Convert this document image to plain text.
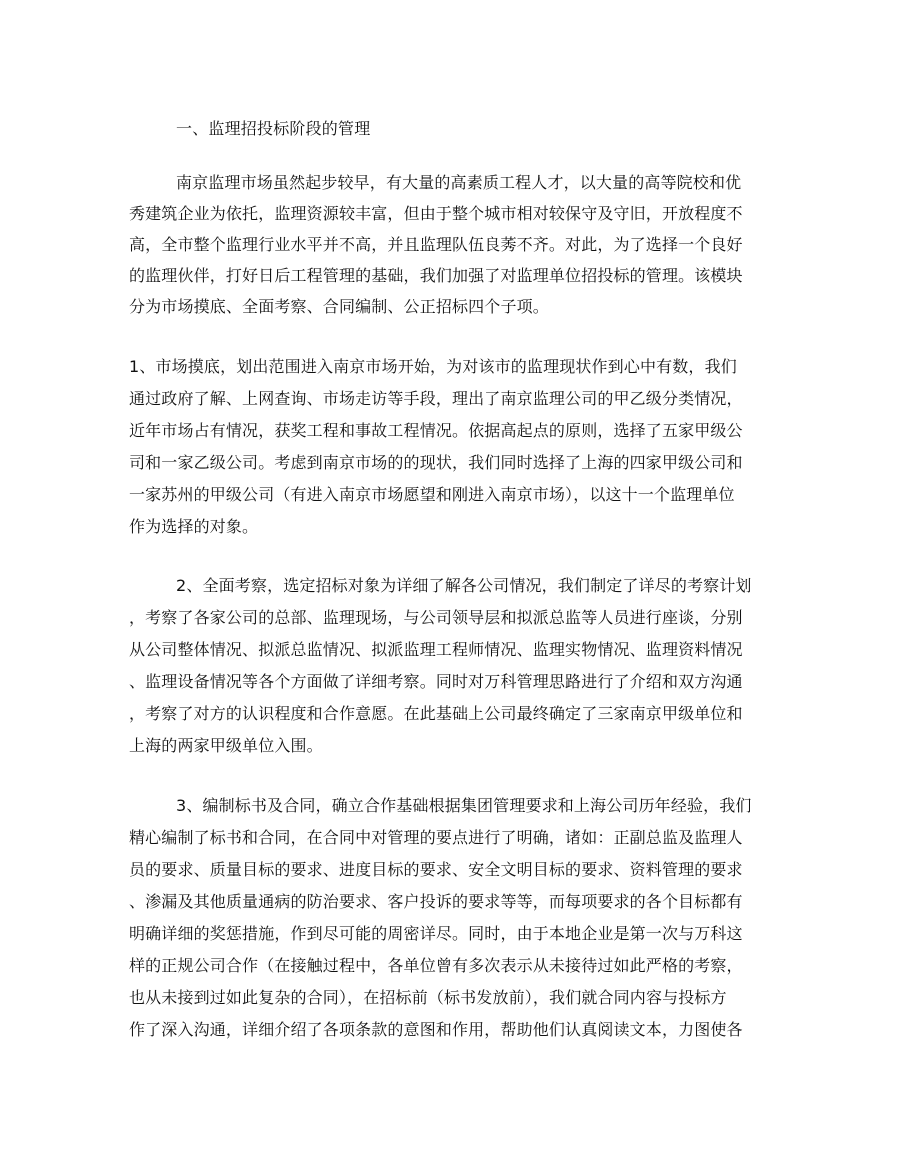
一、监理招投标阶段的管理
南京监理市场虽然起步较早，有大量的高素质工程人才，以大量的高等院校和优
秀建筑企业为依托，监理资源较丰富，但由于整个城市相对较保守及守旧，开放程度不
高，全市整个监理行业水平并不高，并且监理队伍良莠不齐。对此，为了选择一个良好
的监理伙伴，打好日后工程管理的基础，我们加强了对监理单位招投标的管理。该模块
分为市场摸底、全面考察、合同编制、公正招标四个子项。
1、市场摸底，划出范围进入南京市场开始，为对该市的监理现状作到心中有数，我们
通过政府了解、上网查询、市场走访等手段，理出了南京监理公司的甲乙级分类情况，
近年市场占有情况，获奖工程和事故工程情况。依据高起点的原则，选择了五家甲级公
司和一家乙级公司。考虑到南京市场的的现状，我们同时选择了上海的四家甲级公司和
一家苏州的甲级公司（有进入南京市场愿望和刚进入南京市场），以这十一个监理单位
作为选择的对象。
2、全面考察，选定招标对象为详细了解各公司情况，我们制定了详尽的考察计划
，考察了各家公司的总部、监理现场，与公司领导层和拟派总监等人员进行座谈，分别
从公司整体情况、拟派总监情况、拟派监理工程师情况、监理实物情况、监理资料情况
、监理设备情况等各个方面做了详细考察。同时对万科管理思路进行了介绍和双方沟通
，考察了对方的认识程度和合作意愿。在此基础上公司最终确定了三家南京甲级单位和
上海的两家甲级单位入围。
3、编制标书及合同，确立合作基础根据集团管理要求和上海公司历年经验，我们
精心编制了标书和合同，在合同中对管理的要点进行了明确，诸如：正副总监及监理人
员的要求、质量目标的要求、进度目标的要求、安全文明目标的要求、资料管理的要求
、渗漏及其他质量通病的防治要求、客户投诉的要求等等，而每项要求的各个目标都有
明确详细的奖惩措施，作到尽可能的周密详尽。同时，由于本地企业是第一次与万科这
样的正规公司合作（在接触过程中，各单位曾有多次表示从未接待过如此严格的考察，
也从未接到过如此复杂的合同），在招标前（标书发放前），我们就合同内容与投标方
作了深入沟通，详细介绍了各项条款的意图和作用，帮助他们认真阅读文本，力图使各
